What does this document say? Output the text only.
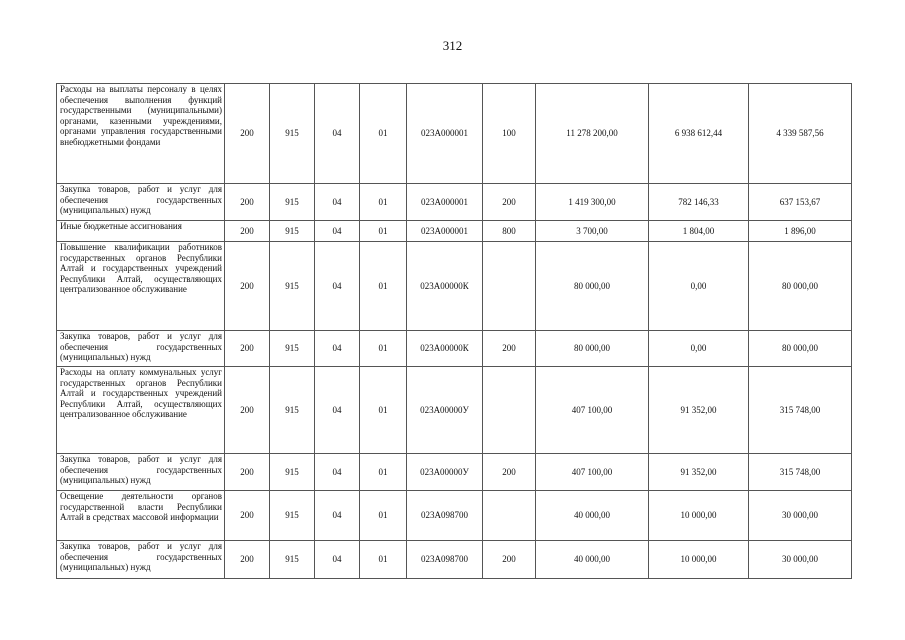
312
Расходы на выплаты персоналу в целях обеспечения выполнения функций государственными (муниципальными) органами, казенными учреждениями, органами управления государственными внебюджетными фондами	200	915	04	01	023А000001	100	11 278 200,00	6 938 612,44	4 339 587,56
Закупка товаров, работ и услуг для обеспечения государственных (муниципальных) нужд	200	915	04	01	023А000001	200	1 419 300,00	782 146,33	637 153,67
Иные бюджетные ассигнования	200	915	04	01	023А000001	800	3 700,00	1 804,00	1 896,00
Повышение квалификации работников государственных органов Республики Алтай и государственных учреждений Республики Алтай, осуществляющих централизованное обслуживание	200	915	04	01	023А00000К		80 000,00	0,00	80 000,00
Закупка товаров, работ и услуг для обеспечения государственных (муниципальных) нужд	200	915	04	01	023А00000К	200	80 000,00	0,00	80 000,00
Расходы на оплату коммунальных услуг государственных органов Республики Алтай и государственных учреждений Республики Алтай, осуществляющих централизованное обслуживание	200	915	04	01	023А00000У		407 100,00	91 352,00	315 748,00
Закупка товаров, работ и услуг для обеспечения государственных (муниципальных) нужд	200	915	04	01	023А00000У	200	407 100,00	91 352,00	315 748,00
Освещение деятельности органов государственной власти Республики Алтай в средствах массовой информации	200	915	04	01	023А098700		40 000,00	10 000,00	30 000,00
Закупка товаров, работ и услуг для обеспечения государственных (муниципальных) нужд	200	915	04	01	023А098700	200	40 000,00	10 000,00	30 000,00
